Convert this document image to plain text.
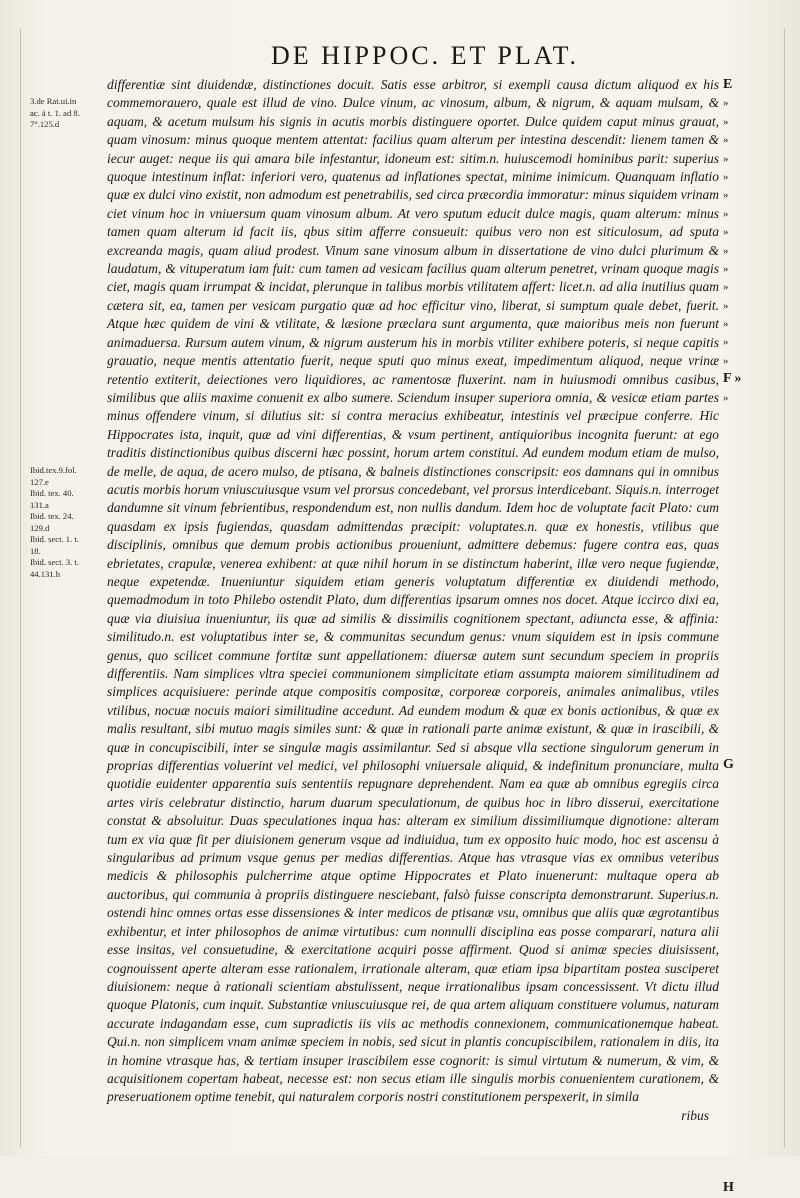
DE HIPPOC. ET PLAT.

3.de Rat.ui.in
ac. ä t. 1. ad 8.
7°.125.d

Ibid.tex.9.fol.
127.e
Ibid. tex. 40.
131.a
Ibid. tex. 24.
129.d
Ibid. sect. 1. t.
18.
Ibid. sect. 3. t.
44.131.h

differentiæ sint diuidendæ, distinctiones docuit. Satis esse arbitror, si exempli causa dictum aliquod ex his commemorauero, quale est illud de vino. Dulce vinum, ac vinosum, album, & nigrum, & aquam mulsam, & aquam, & acetum mulsum his signis in acutis morbis distinguere oportet. Dulce quidem caput minus grauat, quam vinosum: minus quoque mentem attentat: facilius quam alterum per intestina descendit: lienem tamen & iecur auget: neque iis qui amara bile infestantur, idoneum est: sitim.n. huiuscemodi hominibus parit: superius quoque intestinum inflat: inferiori vero, quatenus ad inflationes spectat, minime inimicum. Quanquam inflatio quæ ex dulci vino existit, non admodum est penetrabilis, sed circa præcordia immoratur: minus siquidem vrinam ciet vinum hoc in vniuersum quam vinosum album. At vero sputum educit dulce magis, quam alterum: minus tamen quam alterum id facit iis, qbus sitim afferre consueuit: quibus vero non est siticulosum, ad sputa excreanda magis, quam aliud prodest. Vinum sane vinosum album in dissertatione de vino dulci plurimum & laudatum, & vituperatum iam fuit: cum tamen ad vesicam facilius quam alterum penetret, vrinam quoque magis ciet, magis quam irrumpat & incidat, plerunque in talibus morbis vtilitatem affert: licet.n. ad alia inutilius quam cætera sit, ea, tamen per vesicam purgatio quæ ad hoc efficitur vino, liberat, si sumptum quale debet, fuerit. Atque hæc quidem de vini & vtilitate, & læsione præclara sunt argumenta, quæ maioribus meis non fuerunt animaduersa. Rursum autem vinum, & nigrum austerum his in morbis vtiliter exhibere poteris, si neque capitis grauatio, neque mentis attentatio fuerit, neque sputi quo minus exeat, impedimentum aliquod, neque vrinæ retentio extiterit, deiectiones vero liquidiores, ac ramentosæ fluxerint. nam in huiusmodi omnibus casibus, similibus que aliis maxime conuenit ex albo sumere. Sciendum insuper superiora omnia, & vesicæ etiam partes minus offendere vinum, si dilutius sit: si contra meracius exhibeatur, intestinis vel præcipue conferre. Hic Hippocrates ista, inquit, quæ ad vini differentias, & vsum pertinent, antiquioribus incognita fuerunt: at ego traditis distinctionibus quibus discerni hæc possint, horum artem constitui. Ad eundem modum etiam de mulso, de melle, de aqua, de acero mulso, de ptisana, & balneis distinctiones conscripsit: eos damnans qui in omnibus acutis morbis horum vniuscuiusque vsum vel prorsus concedebant, vel prorsus interdicebant. Siquis.n. interroget dandumne sit vinum febrientibus, respondendum est, non nullis dandum. Idem hoc de voluptate facit Plato: cum quasdam ex ipsis fugiendas, quasdam admittendas præcipit: voluptates.n. quæ ex honestis, vtilibus que disciplinis, omnibus que demum probis actionibus proueniunt, admittere debemus: fugere contra eas, quas ebrietates, crapulæ, venerea exhibent: at quæ nihil horum in se distinctum haberint, illæ vero neque fugiendæ, neque expetendæ. Inueniuntur siquidem etiam generis voluptatum differentiæ ex diuidendi methodo, quemadmodum in toto Philebo ostendit Plato, dum differentias ipsarum omnes nos docet. Atque iccirco dixi ea, quæ via diuisiua inueniuntur, iis quæ ad similis & dissimilis cognitionem spectant, adiuncta esse, & affinia: similitudo.n. est voluptatibus inter se, & communitas secundum genus: vnum siquidem est in ipsis commune genus, quo scilicet commune fortitæ sunt appellationem: diuersæ autem sunt secundum speciem in propriis differentiis. Nam simplices vltra speciei communionem simplicitate etiam assumpta maiorem similitudinem ad simplices acquisiuere: perinde atque compositis compositæ, corporeæ corporeis, animales animalibus, vtiles vtilibus, nocuæ nocuis maiori similitudine accedunt. Ad eundem modum & quæ ex bonis actionibus, & quæ ex malis resultant, sibi mutuo magis similes sunt: & quæ in rationali parte animæ existunt, & quæ in irascibili, & quæ in concupiscibili, inter se singulæ magis assimilantur. Sed si absque vlla sectione singulorum generum in proprias differentias voluerint vel medici, vel philosophi vniuersale aliquid, & indefinitum pronunciare, multa quotidie euidenter apparentia suis sententiis repugnare deprehendent. Nam ea quæ ab omnibus egregiis circa artes viris celebratur distinctio, harum duarum speculationum, de quibus hoc in libro disserui, exercitatione constat & absoluitur. Duas speculationes inqua has: alteram ex similium dissimiliumque dignotione: alteram tum ex via quæ fit per diuisionem generum vsque ad indiuidua, tum ex opposito huic modo, hoc est ascensu à singularibus ad primum vsque genus per medias differentias. Atque has vtrasque vias ex omnibus veteribus medicis & philosophis pulcherrime atque optime Hippocrates et Plato inuenerunt: multaque opera ab auctoribus, qui communia à propriis distinguere nesciebant, falsò fuisse conscripta demonstrarunt. Superius.n. ostendi hinc omnes ortas esse dissensiones & inter medicos de ptisanæ vsu, omnibus que aliis quæ ægrotantibus exhibentur, et inter philosophos de animæ virtutibus: cum nonnulli disciplina eas posse comparari, natura alii esse insitas, vel consuetudine, & exercitatione acquiri posse affirment. Quod si animæ species diuisissent, cognouissent aperte alteram esse rationalem, irrationale alteram, quæ etiam ipsa bipartitam postea susciperet diuisionem: neque à rationali scientiam abstulissent, neque irrationalibus ipsam concessissent. Vt dictu illud quoque Platonis, cum inquit. Substantiæ vniuscuiusque rei, de qua artem aliquam constituere volumus, naturam accurate indagandam esse, cum supradictis iis viis ac methodis connexionem, communicationemque habeat. Qui.n. non simplicem vnam animæ speciem in nobis, sed sicut in plantis concupiscibilem, rationalem in diis, ita in homine vtrasque has, & tertiam insuper irascibilem esse cognorit: is simul virtutum & numerum, & vim, & acquisitionem copertam habeat, necesse est: non secus etiam ille singulis morbis conuenientem curationem, & preseruationem optime tenebit, qui naturalem corporis nostri constitutionem perspexerit, in simila

ribus

E
»
»
»
»
»
»
»
»
»
»
»
»
»
»
»
F »
»
G
H
